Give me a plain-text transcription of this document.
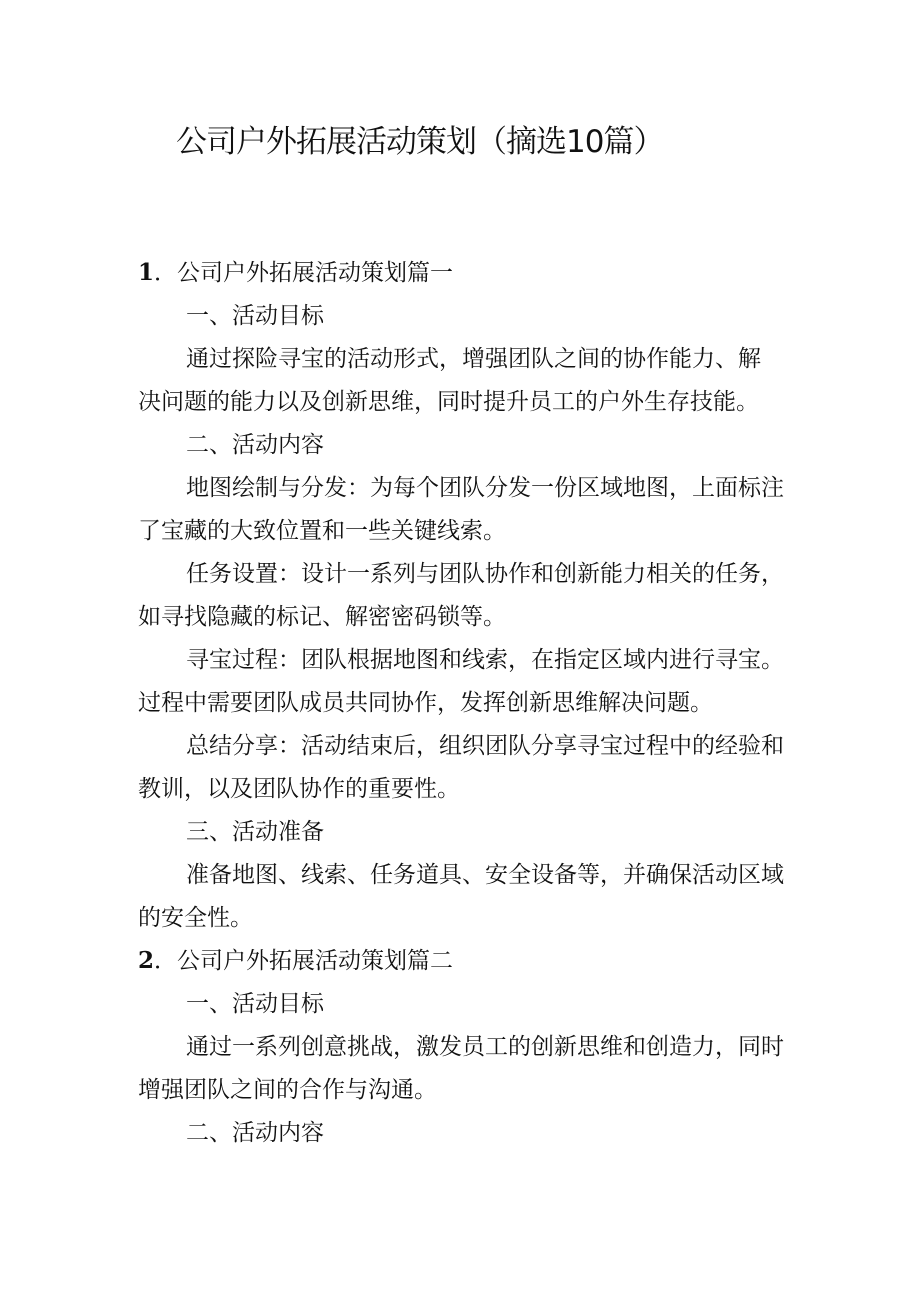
公司户外拓展活动策划（摘选10篇）

1．公司户外拓展活动策划篇一

一、活动目标

通过探险寻宝的活动形式，增强团队之间的协作能力、解

决问题的能力以及创新思维，同时提升员工的户外生存技能。

二、活动内容

地图绘制与分发：为每个团队分发一份区域地图，上面标注

了宝藏的大致位置和一些关键线索。

任务设置：设计一系列与团队协作和创新能力相关的任务，

如寻找隐藏的标记、解密密码锁等。

寻宝过程：团队根据地图和线索，在指定区域内进行寻宝。

过程中需要团队成员共同协作，发挥创新思维解决问题。

总结分享：活动结束后，组织团队分享寻宝过程中的经验和

教训，以及团队协作的重要性。

三、活动准备

准备地图、线索、任务道具、安全设备等，并确保活动区域

的安全性。

2．公司户外拓展活动策划篇二

一、活动目标

通过一系列创意挑战，激发员工的创新思维和创造力，同时

增强团队之间的合作与沟通。

二、活动内容
